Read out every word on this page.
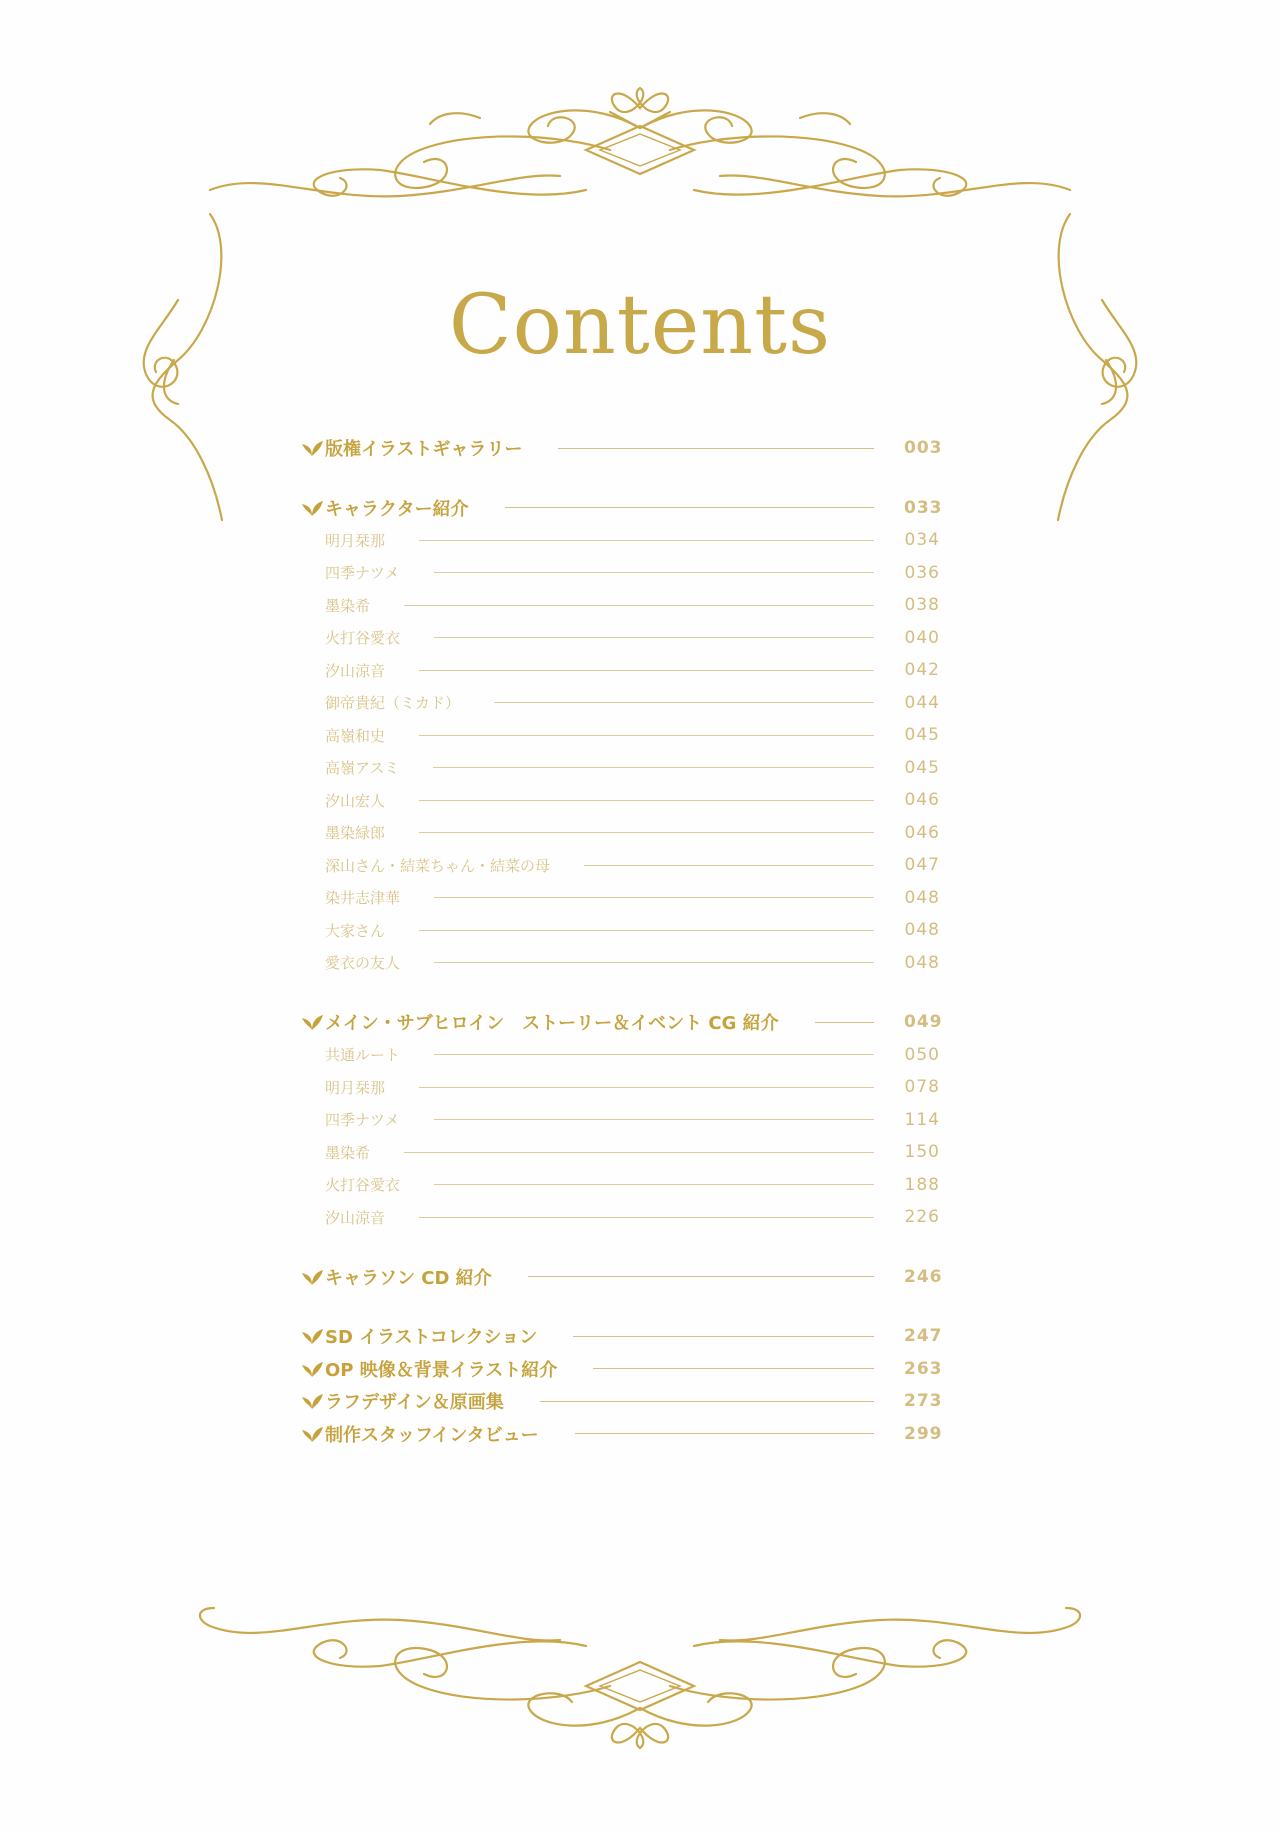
Contents
版権イラストギャラリー	003
キャラクター紹介	033
明月栞那	034
四季ナツメ	036
墨染希	038
火打谷愛衣	040
汐山涼音	042
御帝貴紀（ミカド）	044
高嶺和史	045
高嶺アスミ	045
汐山宏人	046
墨染緑郎	046
深山さん・結菜ちゃん・結菜の母	047
染井志津華	048
大家さん	048
愛衣の友人	048
メイン・サブヒロイン　ストーリー＆イベント CG 紹介	049
共通ルート	050
明月栞那	078
四季ナツメ	114
墨染希	150
火打谷愛衣	188
汐山涼音	226
キャラソン CD 紹介	246
SD イラストコレクション	247
OP 映像＆背景イラスト紹介	263
ラフデザイン＆原画集	273
制作スタッフインタビュー	299
